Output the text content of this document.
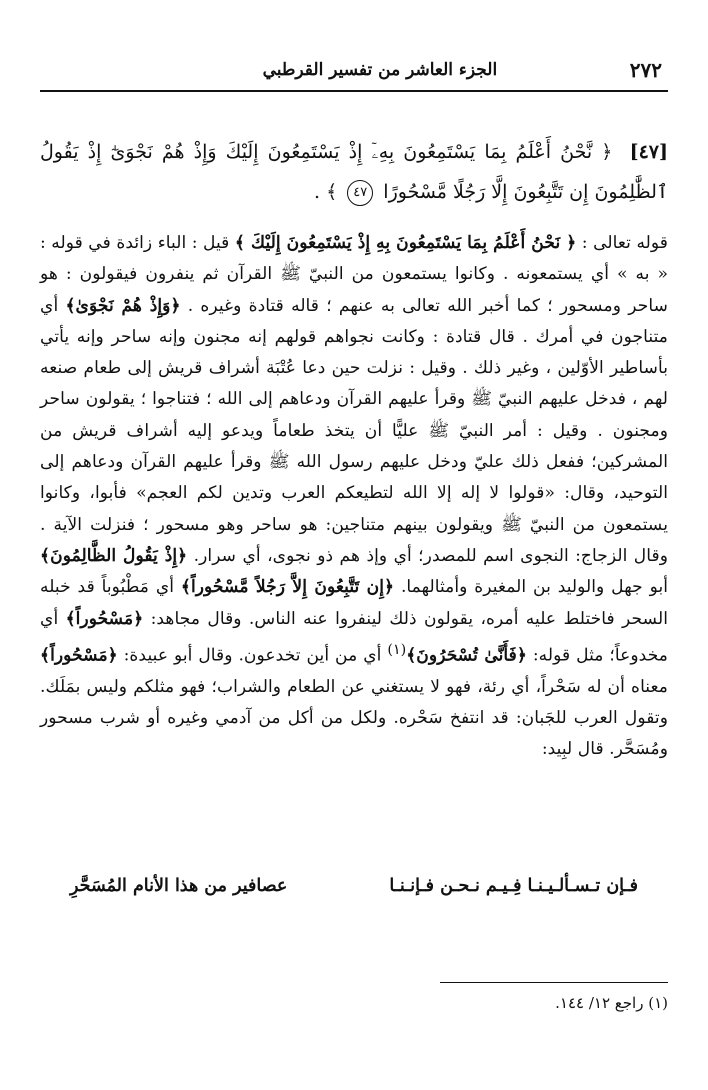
٢٧٢
الجزء العاشر من تفسير القرطبي
[٤٧] ﴿ نَّحْنُ أَعْلَمُ بِمَا يَسْتَمِعُونَ بِهِۦٓ إِذْ يَسْتَمِعُونَ إِلَيْكَ وَإِذْ هُمْ نَجْوَىٰٓ إِذْ يَقُولُ ٱلظَّٰلِمُونَ إِن تَتَّبِعُونَ إِلَّا رَجُلًا مَّسْحُورًا ٤٧ ﴾ .

قوله تعالى : ﴿ نَحْنُ أَعْلَمُ بِمَا يَسْتَمِعُونَ بِهِ إِذْ يَسْتَمِعُونَ إِلَيْكَ ﴾ قيل : الباء زائدة في قوله : « به » أي يستمعونه . وكانوا يستمعون من النبيّ ﷺ القرآن ثم ينفرون فيقولون : هو ساحر ومسحور ؛ كما أخبر الله تعالى به عنهم ؛ قاله قتادة وغيره . ﴿وَإِذْ هُمْ نَجْوَىٰ﴾ أي متناجون في أمرك . قال قتادة : وكانت نجواهم قولهم إنه مجنون وإنه ساحر وإنه يأتي بأساطير الأوّلين ، وغير ذلك . وقيل : نزلت حين دعا عُتْبَة أشراف قريش إلى طعام صنعه لهم ، فدخل عليهم النبيّ ﷺ وقرأ عليهم القرآن ودعاهم إلى الله ؛ فتناجوا ؛ يقولون ساحر ومجنون . وقيل : أمر النبيّ ﷺ عليًّا أن يتخذ طعاماً ويدعو إليه أشراف قريش من المشركين؛ ففعل ذلك عليّ ودخل عليهم رسول الله ﷺ وقرأ عليهم القرآن ودعاهم إلى التوحيد، وقال: «قولوا لا إله إلا الله لتطيعكم العرب وتدين لكم العجم» فأبوا، وكانوا يستمعون من النبيّ ﷺ ويقولون بينهم متناجين: هو ساحر وهو مسحور ؛ فنزلت الآية . وقال الزجاج: النجوى اسم للمصدر؛ أي وإذ هم ذو نجوى، أي سرار. ﴿إِذْ يَقُولُ الظَّالِمُونَ﴾ أبو جهل والوليد بن المغيرة وأمثالهما. ﴿إِن تَتَّبِعُونَ إِلاَّ رَجُلاً مَّسْحُوراً﴾ أي مَطْبُوباً قد خبله السحر فاختلط عليه أمره، يقولون ذلك لينفروا عنه الناس. وقال مجاهد: ﴿مَسْحُوراً﴾ أي مخدوعاً؛ مثل قوله: ﴿فَأَنَّىٰ تُسْحَرُونَ﴾$^{(١)}$ أي من أين تخدعون. وقال أبو عبيدة: ﴿مَسْحُوراً﴾ معناه أن له سَحْراً، أي رئة، فهو لا يستغني عن الطعام والشراب؛ فهو مثلكم وليس بمَلَك. وتقول العرب للجَبان: قد انتفخ سَحْره. ولكل من أكل من آدمي وغيره أو شرب مسحور ومُسَحَّر. قال لبِيد:

فـإن تـسـألـيـنـا فِـيـم نـحـن فـإنـنـا
عصافير من هذا الأنام المُسَحَّرِ
(١) راجع ١٢/ ١٤٤.
